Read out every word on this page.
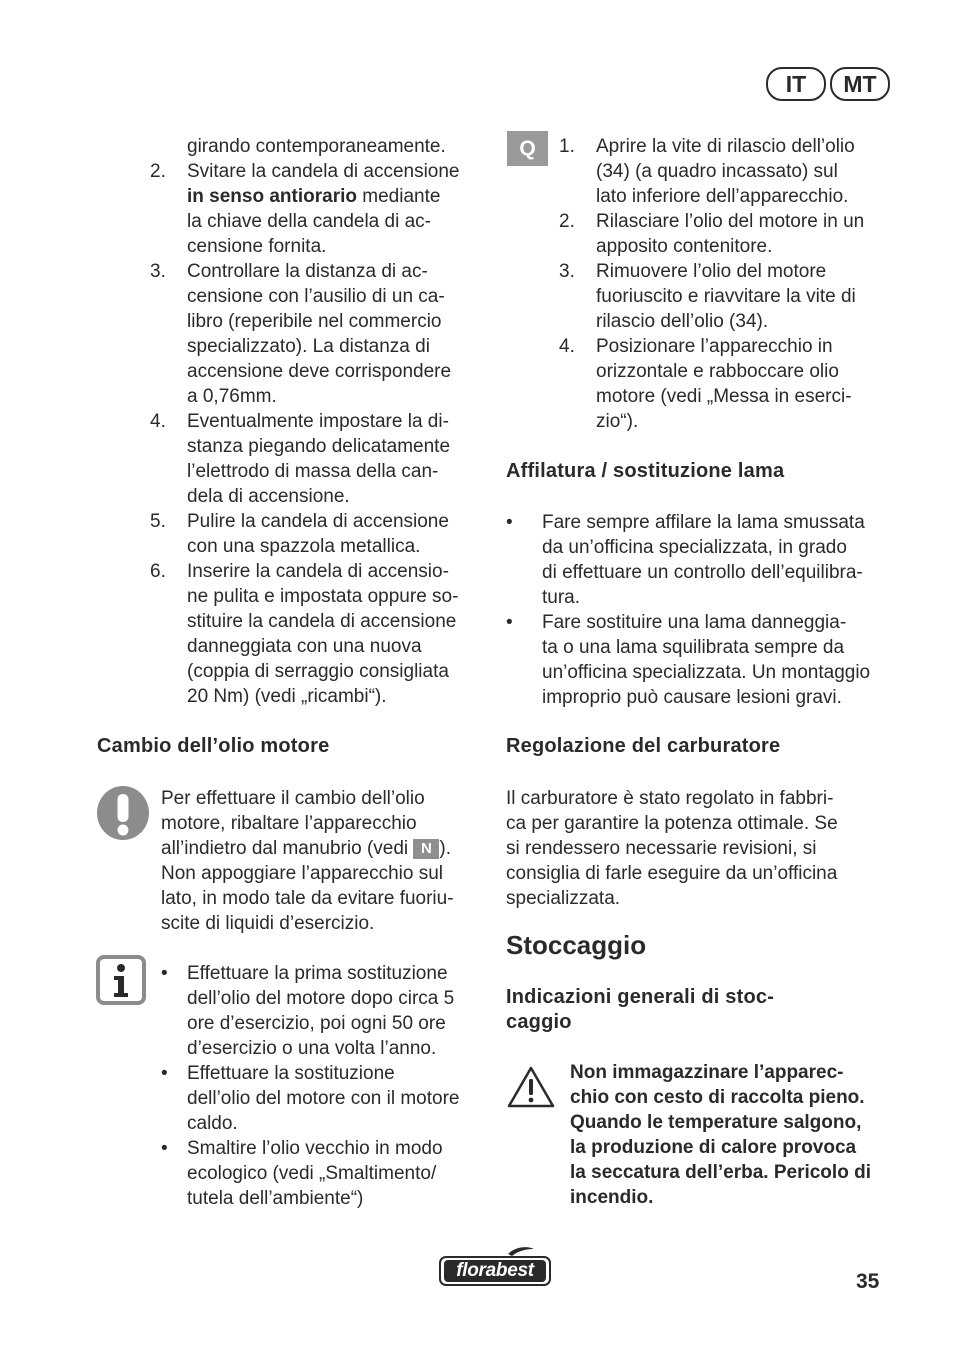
IT	MT
girando contemporaneamente.
2. Svitare la candela di accensione
in senso antiorario mediante
la chiave della candela di ac-
censione fornita.
3. Controllare la distanza di ac-
censione con l’ausilio di un ca-
libro (reperibile nel commercio
specializzato). La distanza di
accensione deve corrispondere
a 0,76mm.
4. Eventualmente impostare la di-
stanza piegando delicatamente
l’elettrodo di massa della can-
dela di accensione.
5. Pulire la candela di accensione
con una spazzola metallica.
6. Inserire la candela di accensio-
ne pulita e impostata oppure so-
stituire la candela di accensione
danneggiata con una nuova
(coppia di serraggio consigliata
20 Nm) (vedi „ricambi“).
Cambio dell’olio motore
Per effettuare il cambio dell’olio
motore, ribaltare l’apparecchio
all’indietro dal manubrio (vedi N ).
Non appoggiare l’apparecchio sul
lato, in modo tale da evitare fuoriu-
scite di liquidi d’esercizio.
• Effettuare la prima sostituzione
dell’olio del motore dopo circa 5
ore d’esercizio, poi ogni 50 ore
d’esercizio o una volta l’anno.
• Effettuare la sostituzione
dell’olio del motore con il motore
caldo.
• Smaltire l’olio vecchio in modo
ecologico (vedi „Smaltimento/
tutela dell’ambiente“)
Q	1. Aprire la vite di rilascio dell’olio
(34) (a quadro incassato) sul
lato inferiore dell’apparecchio.
2. Rilasciare l’olio del motore in un
apposito contenitore.
3. Rimuovere l’olio del motore
fuoriuscito e riavvitare la vite di
rilascio dell’olio (34).
4. Posizionare l’apparecchio in
orizzontale e rabboccare olio
motore (vedi „Messa in eserci-
zio“).
Affilatura / sostituzione lama
• Fare sempre affilare la lama smussata
da un’officina specializzata, in grado
di effettuare un controllo dell’equilibra-
tura.
• Fare sostituire una lama danneggia-
ta o una lama squilibrata sempre da
un’officina specializzata. Un montaggio
improprio può causare lesioni gravi.
Regolazione del carburatore
Il carburatore è stato regolato in fabbri-
ca per garantire la potenza ottimale. Se
si rendessero necessarie revisioni, si
consiglia di farle eseguire da un’officina
specializzata.
Stoccaggio
Indicazioni generali di stoc-
caggio
Non immagazzinare l’apparec-
chio con cesto di raccolta pieno.
Quando le temperature salgono,
la produzione di calore provoca
la seccatura dell’erba. Pericolo di
incendio.
florabest	35
